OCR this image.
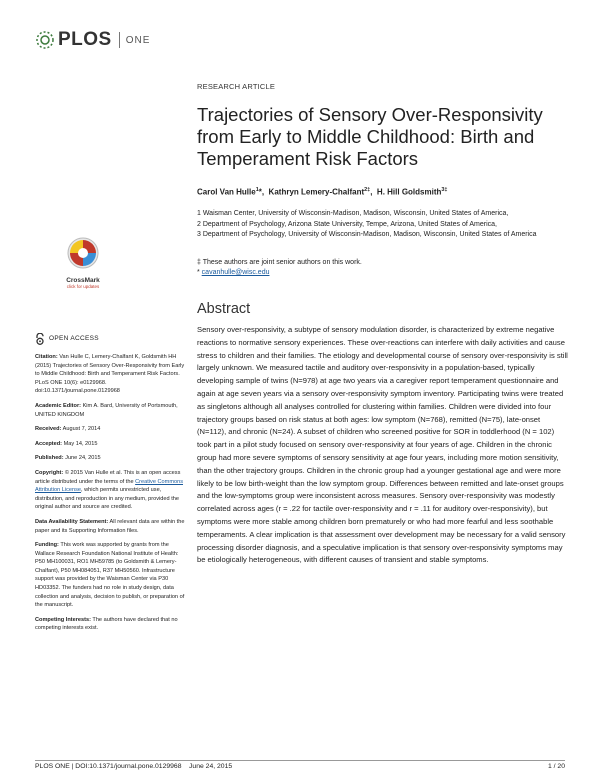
PLOS ONE
RESEARCH ARTICLE
Trajectories of Sensory Over-Responsivity from Early to Middle Childhood: Birth and Temperament Risk Factors
Carol Van Hulle$^1$*,  Kathryn Lemery-Chalfant$^{2\ddagger}$,  H. Hill Goldsmith$^{3\ddagger}$
1 Waisman Center, University of Wisconsin-Madison, Madison, Wisconsin, United States of America,
2 Department of Psychology, Arizona State University, Tempe, Arizona, United States of America,
3 Department of Psychology, University of Wisconsin-Madison, Madison, Wisconsin, United States of America
‡ These authors are joint senior authors on this work.
* cavanhulle@wisc.edu
Abstract
Sensory over-responsivity, a subtype of sensory modulation disorder, is characterized by extreme negative reactions to normative sensory experiences. These over-reactions can interfere with daily activities and cause stress to children and their families. The etiology and developmental course of sensory over-responsivity is still largely unknown. We measured tactile and auditory over-responsivity in a population-based, typically developing sample of twins (N=978) at age two years via a caregiver report temperament questionnaire and again at age seven years via a sensory over-responsivity symptom inventory. Participating twins were treated as singletons although all analyses controlled for clustering within families. Children were divided into four trajectory groups based on risk status at both ages: low symptom (N=768), remitted (N=75), late-onset (N=112), and chronic (N=24). A subset of children who screened positive for SOR in toddlerhood (N = 102) took part in a pilot study focused on sensory over-responsivity at four years of age. Children in the chronic group had more severe symptoms of sensory sensitivity at age four years, including more motion sensitivity, than the other trajectory groups. Children in the chronic group had a younger gestational age and were more likely to be low birth-weight than the low symptom group. Differences between remitted and late-onset groups and the low-symptoms group were inconsistent across measures. Sensory over-responsivity was modestly correlated across ages (r = .22 for tactile over-responsivity and r = .11 for auditory over-responsivity), but symptoms were more stable among children born prematurely or who had more fearful and less soothable temperaments. A clear implication is that assessment over development may be necessary for a valid sensory processing disorder diagnosis, and a speculative implication is that sensory over-responsivity symptoms may be etiologically heterogeneous, with different causes of transient and stable symptoms.
CrossMark
click for updates
OPEN ACCESS
Citation: Van Hulle C, Lemery-Chalfant K, Goldsmith HH (2015) Trajectories of Sensory Over-Responsivity from Early to Middle Childhood: Birth and Temperament Risk Factors. PLoS ONE 10(6): e0129968. doi:10.1371/journal.pone.0129968
Academic Editor: Kim A. Bard, University of Portsmouth, UNITED KINGDOM
Received: August 7, 2014
Accepted: May 14, 2015
Published: June 24, 2015
Copyright: © 2015 Van Hulle et al. This is an open access article distributed under the terms of the Creative Commons Attribution License, which permits unrestricted use, distribution, and reproduction in any medium, provided the original author and source are credited.
Data Availability Statement: All relevant data are within the paper and its Supporting Information files.
Funding: This work was supported by grants from the Wallace Research Foundation National Institute of Health: P50 MH100031, RO1 MH59785 (to Goldsmith & Lemery-Chalfant), P50 MH084051, R37 MH50560. Infrastructure support was provided by the Waisman Center via P30 HD03352. The funders had no role in study design, data collection and analysis, decision to publish, or preparation of the manuscript.
Competing Interests: The authors have declared that no competing interests exist.
PLOS ONE | DOI:10.1371/journal.pone.0129968    June 24, 2015	1 / 20
